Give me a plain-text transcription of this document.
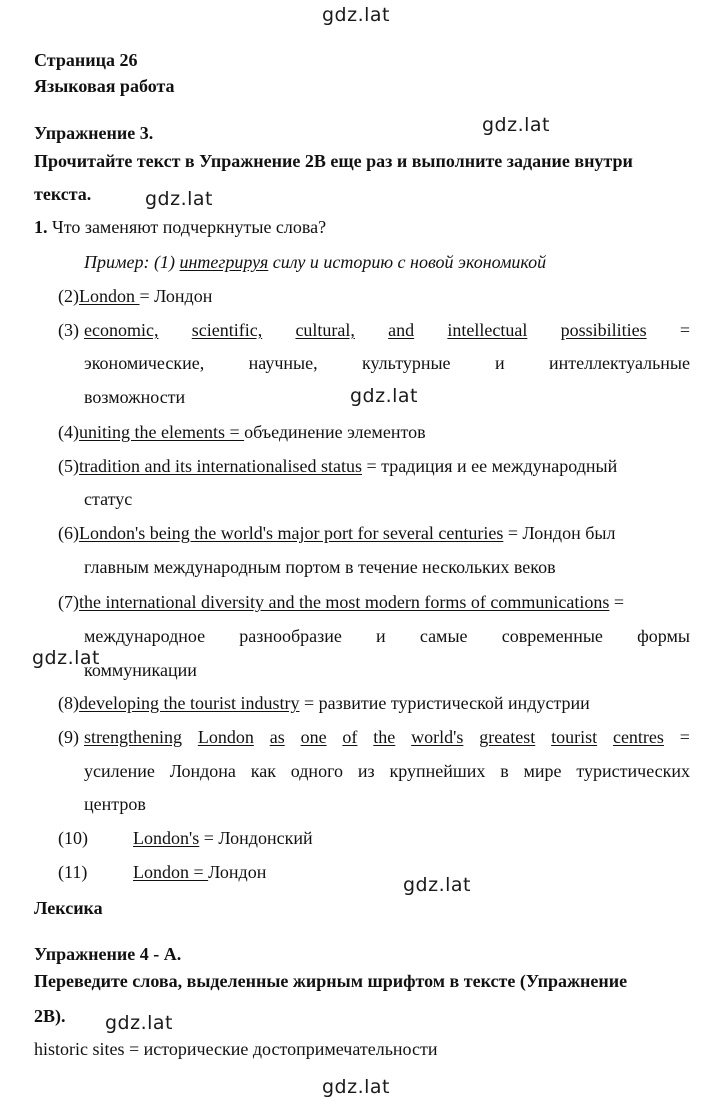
gdz.lat
gdz.lat
gdz.lat
gdz.lat
gdz.lat
gdz.lat
gdz.lat
gdz.lat
Страница 26
Языковая работа
Упражнение 3.
Прочитайте текст в Упражнение 2В еще раз и выполните задание внутри
текста.
1. Что заменяют подчеркнутые слова?
Пример: (1) интегрируя силу и историю с новой экономикой
(2)London = Лондон
(3) economic, scientific, cultural, and intellectual possibilities =
экономические, научные, культурные и интеллектуальные
возможности
(4)uniting the elements = объединение элементов
(5)tradition and its internationalised status = традиция и ее международный
статус
(6)London's being the world's major port for several centuries = Лондон был
главным международным портом в течение нескольких веков
(7)the international diversity and the most modern forms of communications =
международное разнообразие и самые современные формы
коммуникации
(8)developing the tourist industry = развитие туристической индустрии
(9) strengthening London as one of the world's greatest tourist centres =
усиление Лондона как одного из крупнейших в мире туристических
центров
(10)	London's = Лондонский
(11)	London = Лондон
Лексика
Упражнение 4 - А.
Переведите слова, выделенные жирным шрифтом в тексте (Упражнение
2B).
historic sites = исторические достопримечательности
